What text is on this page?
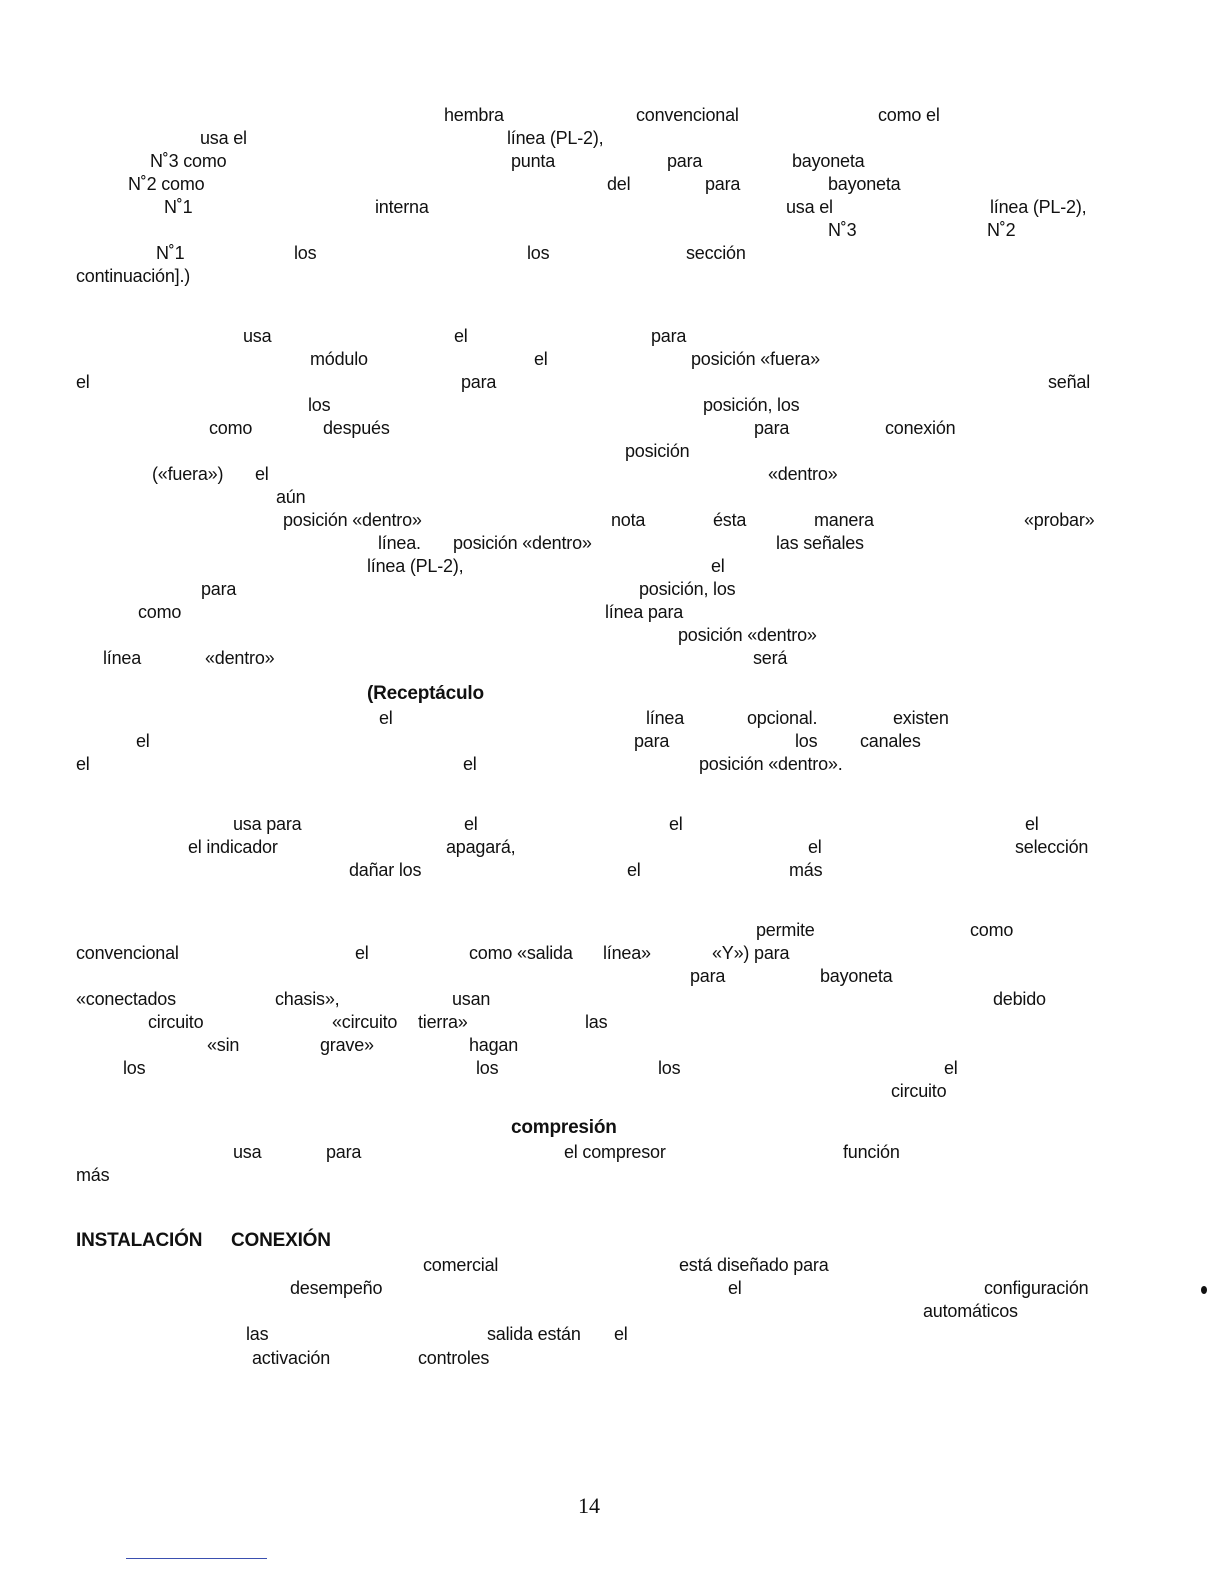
hembra	convencional	como el
usa el	línea (PL-2),
N˚3 como	punta	para	bayoneta
N˚2 como	del	para	bayoneta
N˚1	interna	usa el	línea (PL-2),
N˚3	N˚2
N˚1	los	los	sección
continuación].)
usa	el	para
módulo	el	posición «fuera»
el	para	señal
los	posición, los
como	después	para	conexión
posición
(«fuera») el	«dentro»
aún
posición «dentro»	nota	ésta	manera	«probar»
línea. posición «dentro»	las señales
línea (PL-2),	el
para	posición, los
como	línea para
posición «dentro»
línea	«dentro»	será
(Receptáculo
el	línea	opcional.	existen
el	para	los canales
el	el	posición «dentro».
usa para	el	el	el
el indicador	apagará,	el	selección
dañar los	el	más
permite	como
convencional	el	como «salida línea»	«Y») para
para	bayoneta
«conectados	chasis»,	usan	debido
circuito	«circuito tierra»	las
«sin	grave»	hagan
los	los	los	el
circuito
compresión
usa	para	el compresor	función
más
INSTALACIÓN CONEXIÓN
comercial	está diseñado para
desempeño	el	configuración
automáticos
las	salida están el
activación	controles
14
